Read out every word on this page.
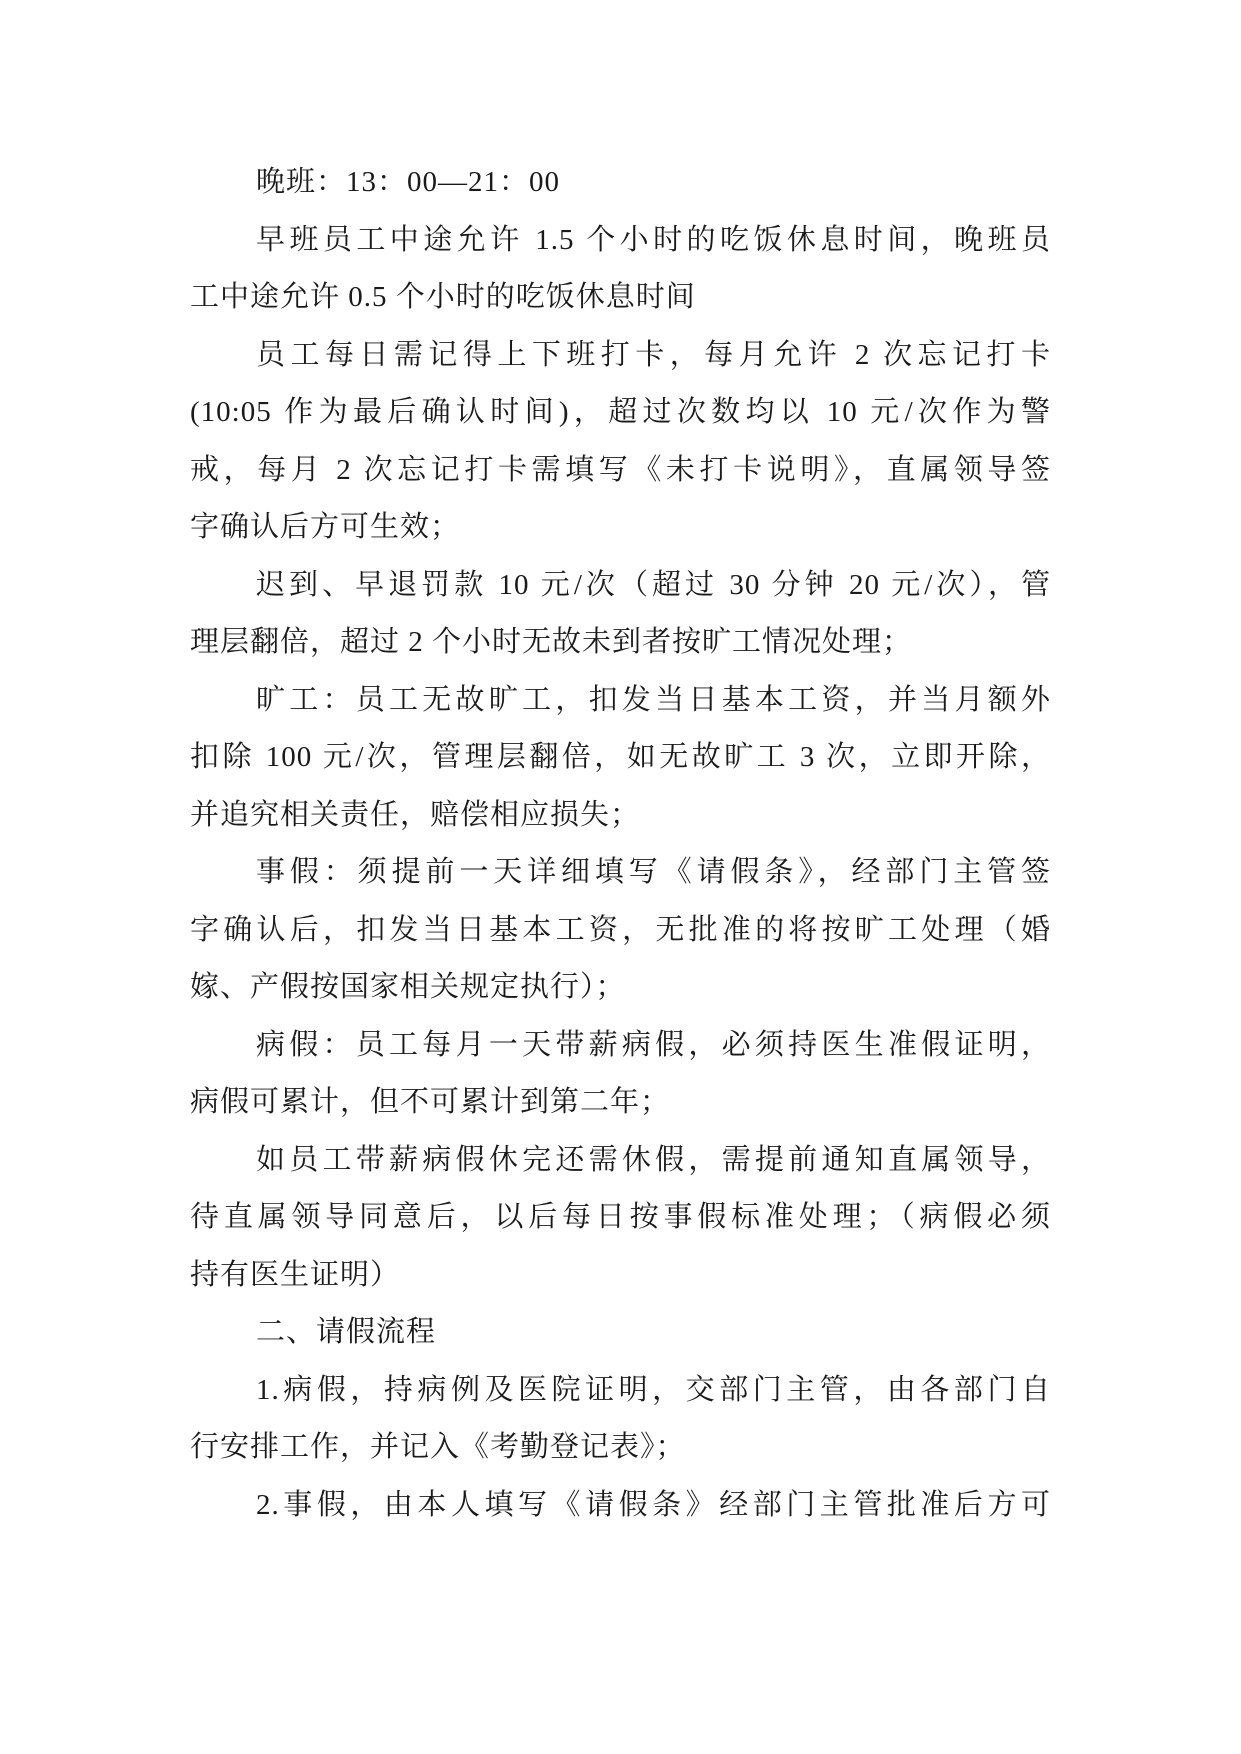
晚班：13：00—21：00
早班员工中途允许 1.5 个小时的吃饭休息时间，晚班员
工中途允许 0.5 个小时的吃饭休息时间
员工每日需记得上下班打卡，每月允许 2 次忘记打卡
(10:05 作为最后确认时间)，超过次数均以 10 元/次作为警
戒，每月 2 次忘记打卡需填写《未打卡说明》，直属领导签
字确认后方可生效；
迟到、早退罚款 10 元/次（超过 30 分钟 20 元/次），管
理层翻倍，超过 2 个小时无故未到者按旷工情况处理；
旷工：员工无故旷工，扣发当日基本工资，并当月额外
扣除 100 元/次，管理层翻倍，如无故旷工 3 次，立即开除，
并追究相关责任，赔偿相应损失；
事假：须提前一天详细填写《请假条》，经部门主管签
字确认后，扣发当日基本工资，无批准的将按旷工处理（婚
嫁、产假按国家相关规定执行）；
病假：员工每月一天带薪病假，必须持医生准假证明，
病假可累计，但不可累计到第二年；
如员工带薪病假休完还需休假，需提前通知直属领导，
待直属领导同意后，以后每日按事假标准处理；（病假必须
持有医生证明）
二、请假流程
1.病假，持病例及医院证明，交部门主管，由各部门自
行安排工作，并记入《考勤登记表》；
2.事假，由本人填写《请假条》经部门主管批准后方可
